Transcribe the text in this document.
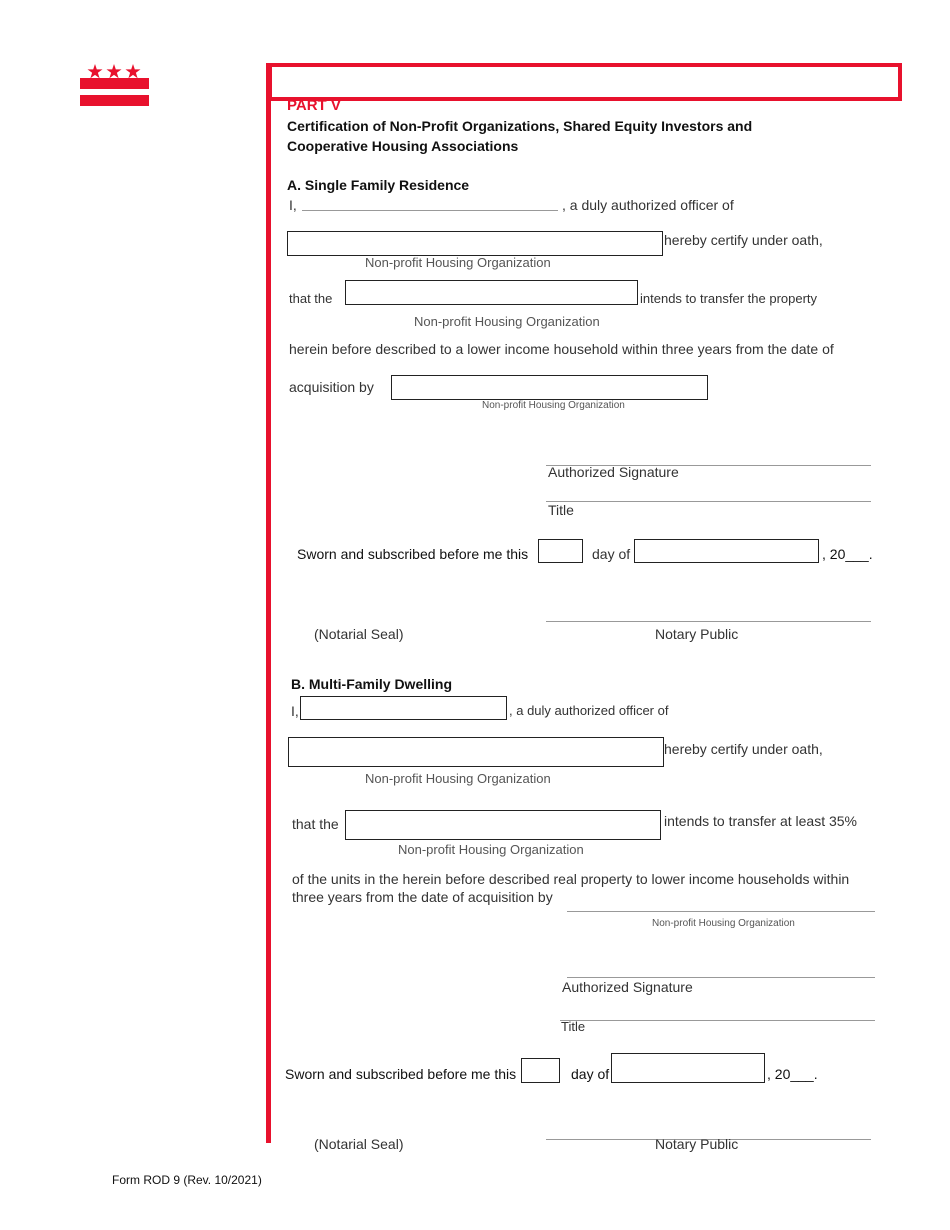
PART V
Certification of Non-Profit Organizations, Shared Equity Investors and
Cooperative Housing Associations
A. Single Family Residence
I,	, a duly authorized officer of
hereby certify under oath,
Non-profit Housing Organization
that the	intends to transfer the property
Non-profit Housing Organization
herein before described to a lower income household within three years from the date of
acquisition by
Non-profit Housing Organization
Authorized Signature
Title
Sworn and subscribed before me this	day of	, 20___.
(Notarial Seal)	Notary Public
B. Multi-Family Dwelling
I,	, a duly authorized officer of
hereby certify under oath,
Non-profit Housing Organization
that the	intends to transfer at least 35%
Non-profit Housing Organization
of the units in the herein before described real property to lower income households within
three years from the date of acquisition by
Non-profit Housing Organization
Authorized Signature
Title
Sworn and subscribed before me this	day of	, 20___.
(Notarial Seal)	Notary Public
Form ROD 9 (Rev. 10/2021)
